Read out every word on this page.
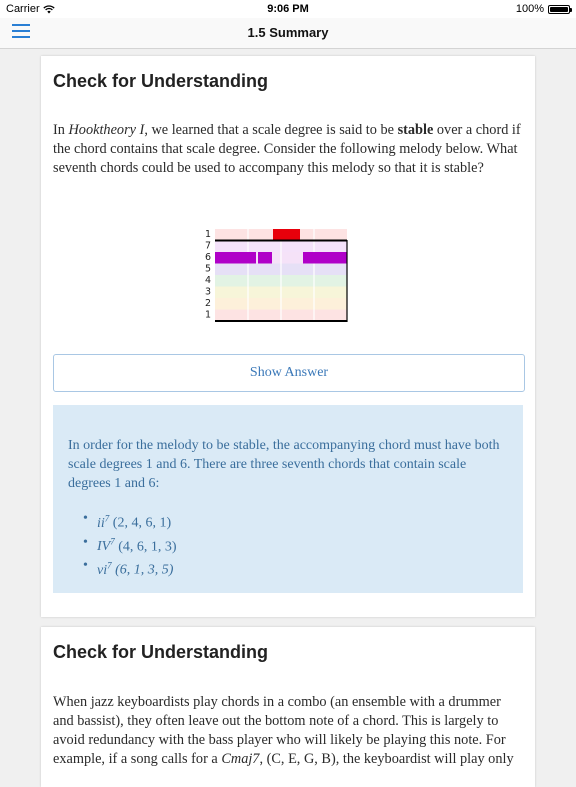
Carrier	9:06 PM	100%
1.5 Summary
Check for Understanding
In Hooktheory I, we learned that a scale degree is said to be stable over a chord if the chord contains that scale degree. Consider the following melody below. What seventh chords could be used to accompany this melody so that it is stable?
1
7
6
5
4
3
2
1
Show Answer
In order for the melody to be stable, the accompanying chord must have both scale degrees 1 and 6. There are three seventh chords that contain scale degrees 1 and 6:
• $ii^7$ (2, 4, 6, 1)
• $IV^7$ (4, 6, 1, 3)
• $vi^7$ (6, 1, 3, 5)
Check for Understanding
When jazz keyboardists play chords in a combo (an ensemble with a drummer and bassist), they often leave out the bottom note of a chord. This is largely to avoid redundancy with the bass player who will likely be playing this note. For example, if a song calls for a Cmaj7, (C, E, G, B), the keyboardist will play only
